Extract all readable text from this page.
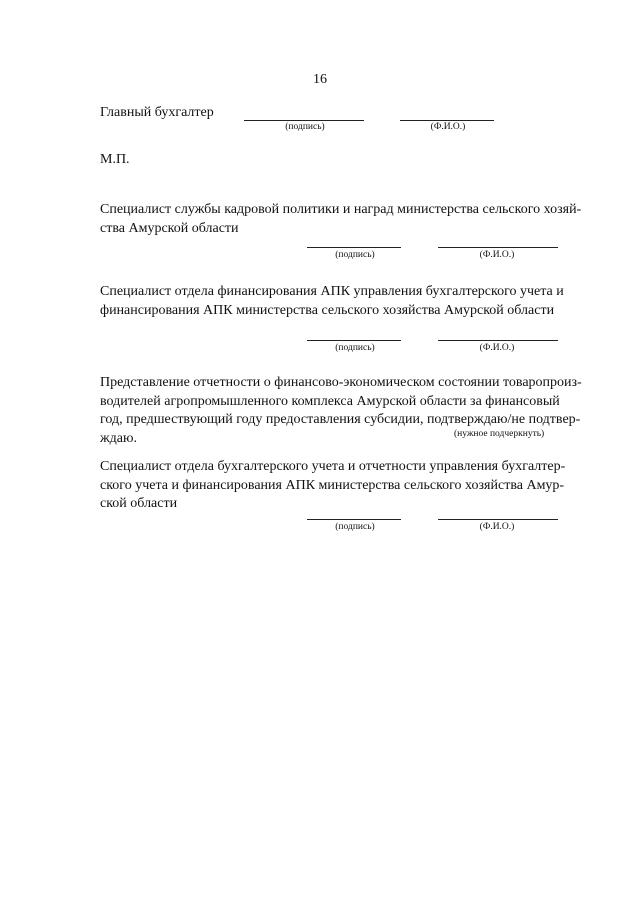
16
Главный бухгалтер
(подпись)	(Ф.И.О.)
М.П.
Специалист службы кадровой политики и наград министерства сельского хозяй-
ства Амурской области
(подпись)	(Ф.И.О.)
Специалист отдела финансирования АПК управления бухгалтерского учета и
финансирования АПК министерства сельского хозяйства Амурской области
(подпись)	(Ф.И.О.)
Представление отчетности о финансово-экономическом состоянии товаропроиз-
водителей агропромышленного комплекса Амурской области за финансовый
год, предшествующий году предоставления субсидии, подтверждаю/не подтвер-
ждаю.	(нужное подчеркнуть)
Специалист отдела бухгалтерского учета и отчетности управления бухгалтер-
ского учета и финансирования АПК министерства сельского хозяйства Амур-
ской области
(подпись)	(Ф.И.О.)
